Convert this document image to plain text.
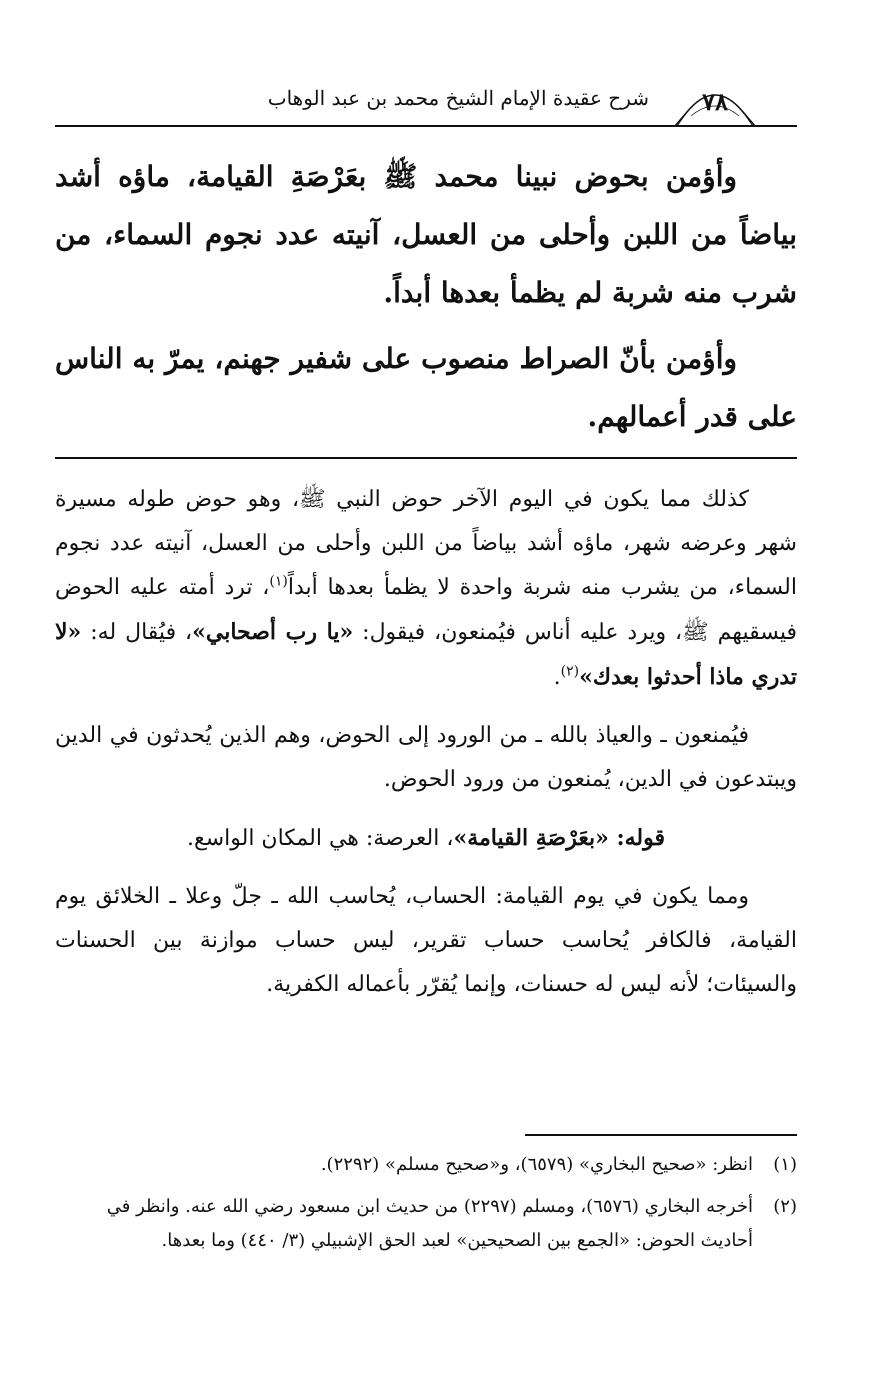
٧٨
شرح عقيدة الإمام الشيخ محمد بن عبد الوهاب

وأؤمن بحوض نبينا محمد ﷺ بعَرْصَةِ القيامة، ماؤه أشد بياضاً من اللبن وأحلى من العسل، آنيته عدد نجوم السماء، من شرب منه شربة لم يظمأ بعدها أبداً.

وأؤمن بأنّ الصراط منصوب على شفير جهنم، يمرّ به الناس على قدر أعمالهم.

كذلك مما يكون في اليوم الآخر حوض النبي ﷺ، وهو حوض طوله مسيرة شهر وعرضه شهر، ماؤه أشد بياضاً من اللبن وأحلى من العسل، آنيته عدد نجوم السماء، من يشرب منه شربة واحدة لا يظمأ بعدها أبداً$^{(١)}$، ترد أمته عليه الحوض فيسقيهم ﷺ، ويرد عليه أناس فيُمنعون، فيقول: «يا رب أصحابي»، فيُقال له: «لا تدري ماذا أحدثوا بعدك»$^{(٢)}$.

فيُمنعون ـ والعياذ بالله ـ من الورود إلى الحوض، وهم الذين يُحدثون في الدين ويبتدعون في الدين، يُمنعون من ورود الحوض.

قوله: «بعَرْصَةِ القيامة»، العرصة: هي المكان الواسع.

ومما يكون في يوم القيامة: الحساب، يُحاسب الله ـ جلّ وعلا ـ الخلائق يوم القيامة، فالكافر يُحاسب حساب تقرير، ليس حساب موازنة بين الحسنات والسيئات؛ لأنه ليس له حسنات، وإنما يُقرّر بأعماله الكفرية.

(١)
انظر: «صحيح البخاري» (٦٥٧٩)، و«صحيح مسلم» (٢٢٩٢).
(٢)
أخرجه البخاري (٦٥٧٦)، ومسلم (٢٢٩٧) من حديث ابن مسعود رضي الله عنه. وانظر في أحاديث الحوض: «الجمع بين الصحيحين» لعبد الحق الإشبيلي (٣/ ٤٤٠) وما بعدها.
